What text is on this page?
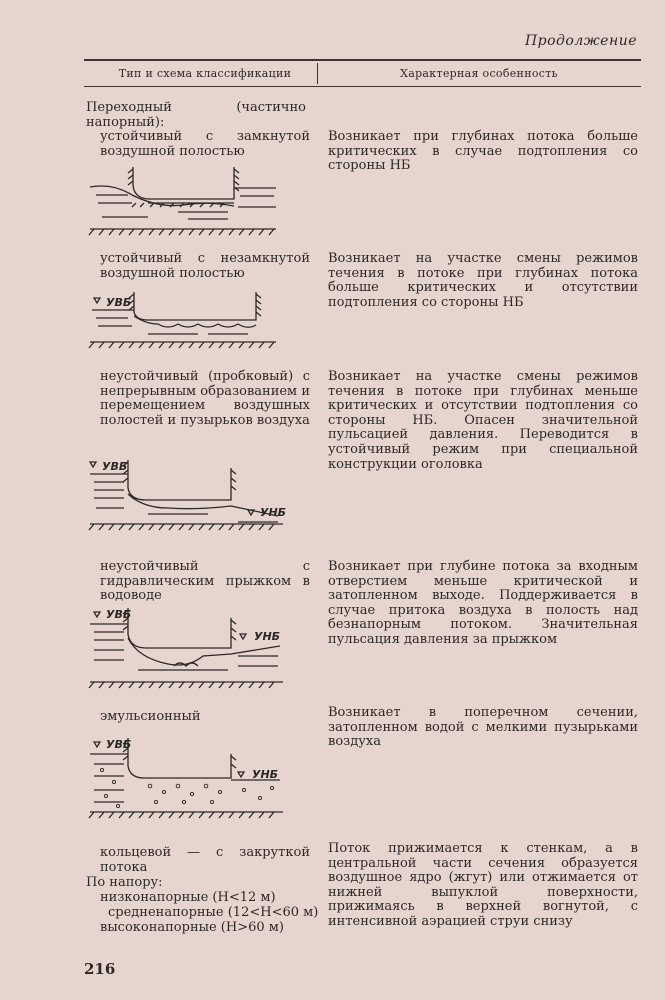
Продолжение
Тип и схема классификации	Характерная особенность
Переходный (частично напорный):
устойчивый с замкнутой воздушной полостью
Возникает при глубинах потока больше критических в случае подтопления со стороны НБ
устойчивый с незамкнутой воздушной полостью
Возникает на участке смены режимов течения в потоке при глубинах потока больше критических и отсутствии подтопления со стороны НБ
УВБ
неустойчивый (пробковый) с непрерывным образованием и перемещением воздушных полостей и пузырьков воздуха
Возникает на участке смены режимов течения в потоке при глубинах меньше критических и отсутствии подтопления со стороны НБ. Опасен значительной пульсацией давления. Переводится в устойчивый режим при специальной конструкции оголовка
УВБ
УНБ
неустойчивый с гидравлическим прыжком в водоводе
Возникает при глубине потока за входным отверстием меньше критической и затопленном выходе. Поддерживается в случае притока воздуха в полость над безнапорным потоком. Значительная пульсация давления за прыжком
УВБ
УНБ
эмульсионный	Возникает в поперечном сечении, затопленном водой с мелкими пузырьками воздуха
УВБ
УНБ
кольцевой — с закруткой потока
Поток прижимается к стенкам, а в центральной части сечения образуется воздушное ядро (жгут) или отжимается от нижней выпуклой поверхности, прижимаясь в верхней вогнутой, с интенсивной аэрацией струи снизу
По напору:
низконапорные (H<12 м)
средненапорные (12<H<60 м)
высоконапорные (H>60 м)
216
